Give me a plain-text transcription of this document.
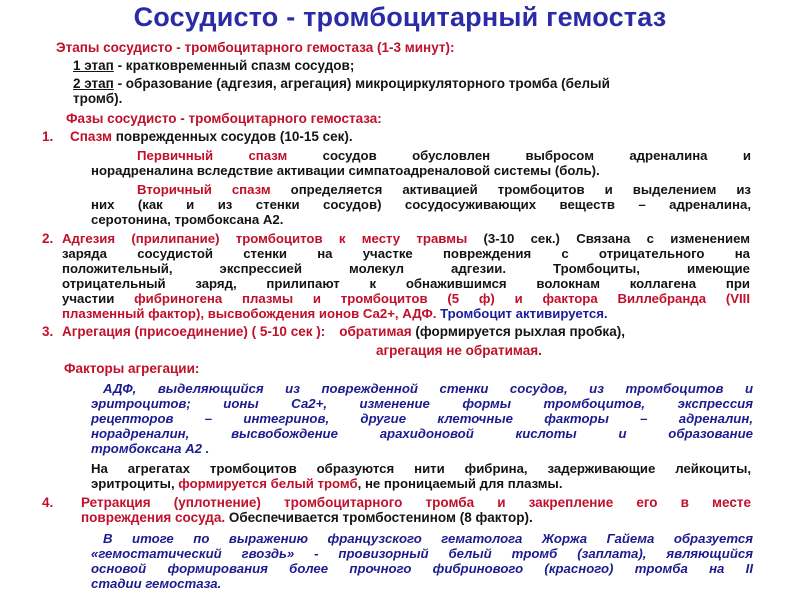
Сосудисто - тромбоцитарный гемостаз
Этапы сосудисто - тромбоцитарного гемостаза (1-3 минут):
1 этап - кратковременный спазм сосудов;
2 этап - образование (адгезия, агрегация) микроциркуляторного тромба (белый
тромб).
Фазы сосудисто - тромбоцитарного гемостаза:
1. Спазм поврежденных сосудов (10-15 сек).
Первичный спазм сосудов обусловлен выбросом адреналина и
норадреналина вследствие активации симпатоадреналовой системы (боль).
Вторичный спазм определяется активацией тромбоцитов и выделением из
них (как и из стенки сосудов) сосудосуживающих веществ – адреналина,
серотонина, тромбоксана А2.
2. Адгезия (прилипание) тромбоцитов к месту травмы (3-10 сек.) Связана с изменением
заряда сосудистой стенки на участке повреждения с отрицательного на
положительный, экспрессией молекул адгезии. Тромбоциты, имеющие
отрицательный заряд, прилипают к обнажившимся волокнам коллагена при
участии фибриногена плазмы и тромбоцитов (5 ф) и фактора Виллебранда (VIII
плазменный фактор), высвобождения ионов Са2+, АДФ. Тромбоцит активируется.
3. Агрегация (присоединение) ( 5-10 сек ): обратимая (формируется рыхлая пробка),
агрегация не обратимая.
Факторы агрегации:
АДФ, выделяющийся из поврежденной стенки сосудов, из тромбоцитов и
эритроцитов; ионы Са2+, изменение формы тромбоцитов, экспрессия
рецепторов – интегринов, другие клеточные факторы – адреналин,
норадреналин, высвобождение арахидоновой кислоты и образование
тромбоксана А2 .
На агрегатах тромбоцитов образуются нити фибрина, задерживающие лейкоциты,
эритроциты, формируется белый тромб, не проницаемый для плазмы.
4. Ретракция (уплотнение) тромбоцитарного тромба и закрепление его в месте
повреждения сосуда. Обеспечивается тромбостенином (8 фактор).
В итоге по выражению французского гематолога Жоржа Гайема образуется
«гемостатический гвоздь» - провизорный белый тромб (заплата), являющийся
основой формирования более прочного фибринового (красного) тромба на II
стадии гемостаза.
